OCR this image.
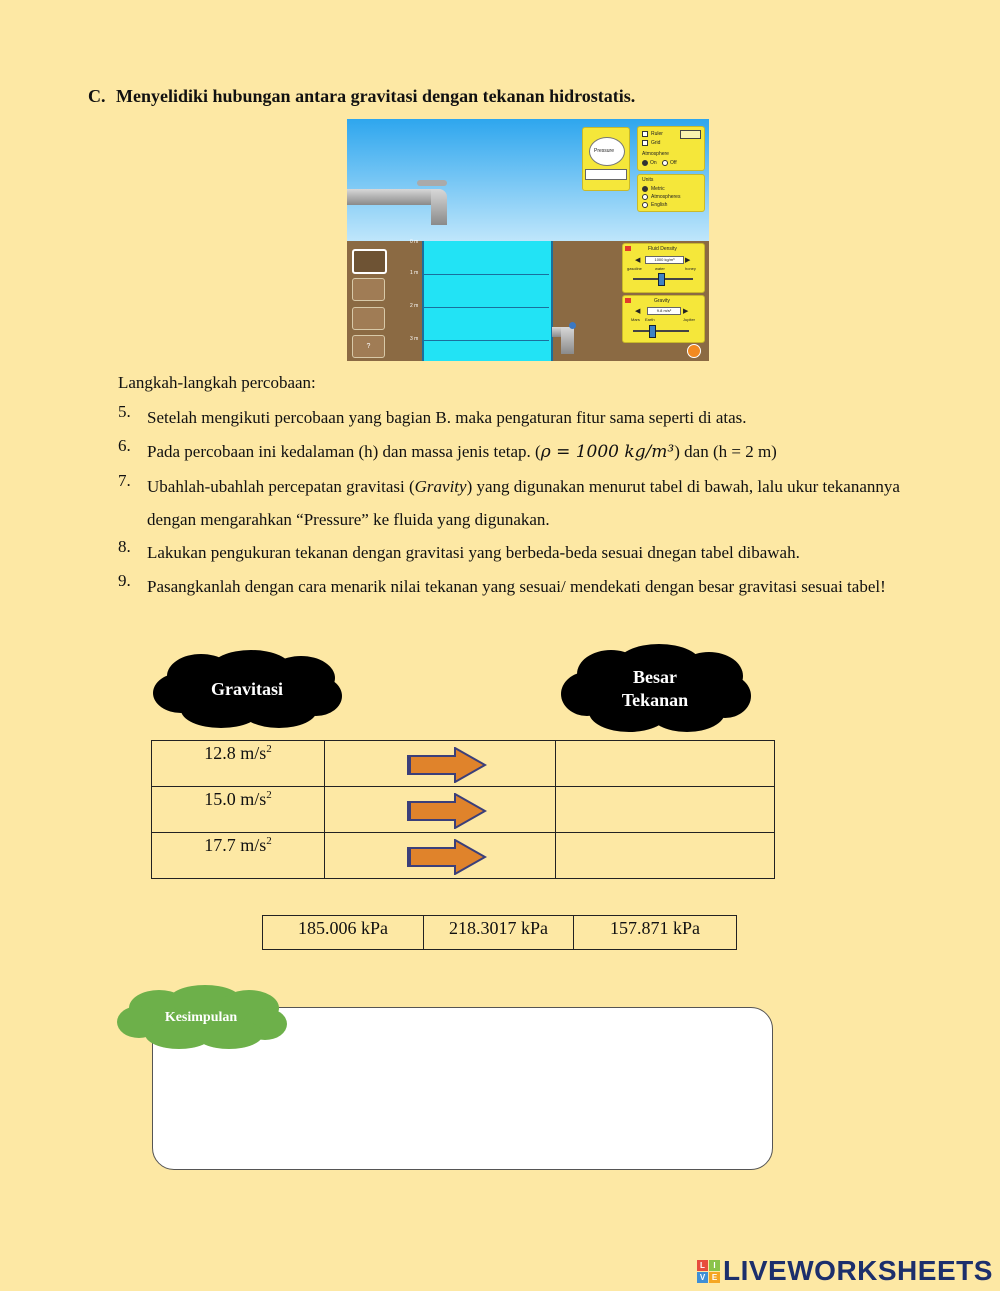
C. Menyelidiki hubungan antara gravitasi dengan tekanan hidrostatis.
0 m
1 m
2 m
3 m
?
Pressure
Ruler
Grid
Atmosphere
On	Off
Units
Metric
Atmospheres
English
Fluid Density
◀	1000 kg/m³	▶
gasoline	water	honey
Gravity
◀	9.8 m/s²	▶
Mars Earth	Jupiter
Langkah-langkah percobaan:
5. Setelah mengikuti percobaan yang bagian B. maka pengaturan fitur sama seperti di atas.
6. Pada percobaan ini kedalaman (h) dan massa jenis tetap. (ρ = 1000 kg/m³) dan (h = 2 m)
7. Ubahlah-ubahlah percepatan gravitasi (Gravity) yang digunakan menurut tabel di bawah, lalu ukur tekanannya dengan mengarahkan “Pressure” ke fluida yang digunakan.
8. Lakukan pengukuran tekanan dengan gravitasi yang berbeda-beda sesuai dnegan tabel dibawah.
9. Pasangkanlah dengan cara menarik nilai tekanan yang sesuai/ mendekati dengan besar gravitasi sesuai tabel!
Gravitasi
Besar
Tekanan
12.8 $m/s^2$	

15.0 $m/s^2$	

17.7 $m/s^2$	

185.006 kPa	218.3017 kPa	157.871 kPa
Kesimpulan
L	I
V E LIVEWORKSHEETS
